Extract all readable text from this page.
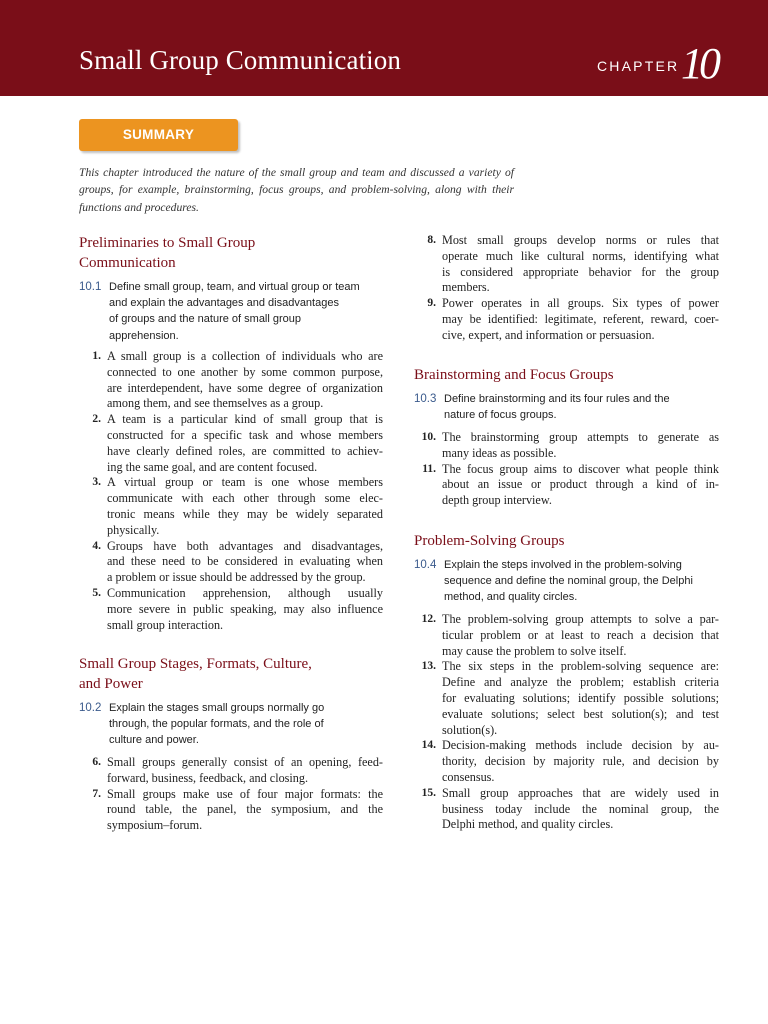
Small Group Communication	CHAPTER 10
SUMMARY
This chapter introduced the nature of the small group and team and discussed a variety of
groups, for example, brainstorming, focus groups, and problem-solving, along with their
functions and procedures.
Preliminaries to Small Group
Communication
10.1 Define small group, team, and virtual group or team
and explain the advantages and disadvantages
of groups and the nature of small group
apprehension.
1. A small group is a collection of individuals who are
connected to one another by some common purpose,
are interdependent, have some degree of organization
among them, and see themselves as a group.
2. A team is a particular kind of small group that is
constructed for a specific task and whose members
have clearly defined roles, are committed to achiev-
ing the same goal, and are content focused.
3. A virtual group or team is one whose members
communicate with each other through some elec-
tronic means while they may be widely separated
physically.
4. Groups have both advantages and disadvantages,
and these need to be considered in evaluating when
a problem or issue should be addressed by the group.
5. Communication apprehension, although usually
more severe in public speaking, may also influence
small group interaction.
Small Group Stages, Formats, Culture,
and Power
10.2 Explain the stages small groups normally go
through, the popular formats, and the role of
culture and power.
6. Small groups generally consist of an opening, feed-
forward, business, feedback, and closing.
7. Small groups make use of four major formats: the
round table, the panel, the symposium, and the
symposium–forum.
8. Most small groups develop norms or rules that
operate much like cultural norms, identifying what
is considered appropriate behavior for the group
members.
9. Power operates in all groups. Six types of power
may be identified: legitimate, referent, reward, coer-
cive, expert, and information or persuasion.
Brainstorming and Focus Groups
10.3 Define brainstorming and its four rules and the
nature of focus groups.
10. The brainstorming group attempts to generate as
many ideas as possible.
11. The focus group aims to discover what people think
about an issue or product through a kind of in-
depth group interview.
Problem-Solving Groups
10.4 Explain the steps involved in the problem-solving
sequence and define the nominal group, the Delphi
method, and quality circles.
12. The problem-solving group attempts to solve a par-
ticular problem or at least to reach a decision that
may cause the problem to solve itself.
13. The six steps in the problem-solving sequence are:
Define and analyze the problem; establish criteria
for evaluating solutions; identify possible solutions;
evaluate solutions; select best solution(s); and test
solution(s).
14. Decision-making methods include decision by au-
thority, decision by majority rule, and decision by
consensus.
15. Small group approaches that are widely used in
business today include the nominal group, the
Delphi method, and quality circles.
